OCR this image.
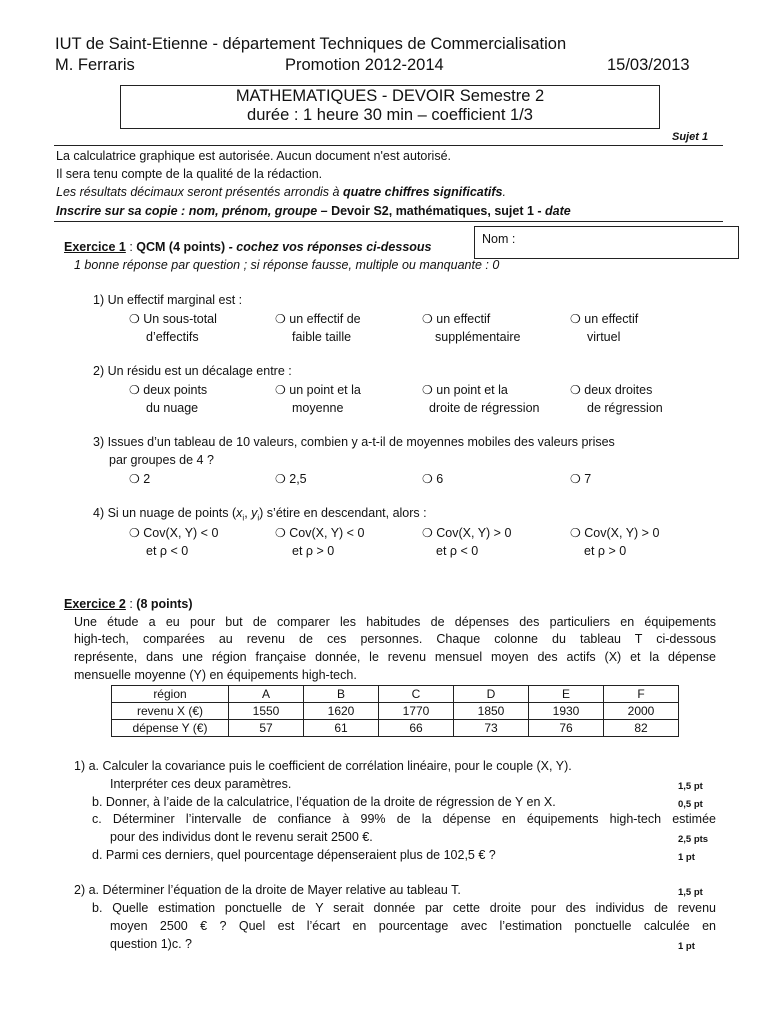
IUT de Saint-Etienne - département Techniques de Commercialisation
M. Ferraris	Promotion 2012-2014	15/03/2013
MATHEMATIQUES - DEVOIR Semestre 2
durée : 1 heure 30 min – coefficient 1/3
Sujet 1
La calculatrice graphique est autorisée. Aucun document n'est autorisé.
Il sera tenu compte de la qualité de la rédaction.
Les résultats décimaux seront présentés arrondis à quatre chiffres significatifs.
Inscrire sur sa copie : nom, prénom, groupe – Devoir S2, mathématiques, sujet 1 - date
Nom :
Exercice 1 : QCM (4 points) - cochez vos réponses ci-dessous
1 bonne réponse par question ; si réponse fausse, multiple ou manquante : 0
1) Un effectif marginal est :
❍ Un sous-total
d’effectifs
❍ un effectif de
faible taille
❍ un effectif
supplémentaire
❍ un effectif
virtuel
2) Un résidu est un décalage entre :
❍ deux points
du nuage
❍ un point et la
moyenne
❍ un point et la
droite de régression
❍ deux droites
de régression
3) Issues d’un tableau de 10 valeurs, combien y a-t-il de moyennes mobiles des valeurs prises
par groupes de 4 ?
❍ 2	❍ 2,5	❍ 6	❍ 7
4) Si un nuage de points ($x_i$, $y_i$) s’étire en descendant, alors :
❍ Cov(X, Y) < 0
et ρ < 0
❍ Cov(X, Y) < 0
et ρ > 0
❍ Cov(X, Y) > 0
et ρ < 0
❍ Cov(X, Y) > 0
et ρ > 0
Exercice 2 : (8 points)
Une étude a eu pour but de comparer les habitudes de dépenses des particuliers en équipements
high-tech, comparées au revenu de ces personnes. Chaque colonne du tableau T ci-dessous
représente, dans une région française donnée, le revenu mensuel moyen des actifs (X) et la dépense
mensuelle moyenne (Y) en équipements high-tech.
région	A	B	C	D	E	F
revenu X (€)	1550	1620	1770	1850	1930	2000
dépense Y (€)	57	61	66	73	76	82
1) a. Calculer la covariance puis le coefficient de corrélation linéaire, pour le couple (X, Y).
Interpréter ces deux paramètres.	1,5 pt
b. Donner, à l’aide de la calculatrice, l’équation de la droite de régression de Y en X.	0,5 pt
c. Déterminer l’intervalle de confiance à 99% de la dépense en équipements high-tech estimée
pour des individus dont le revenu serait 2500 €.	2,5 pts
d. Parmi ces derniers, quel pourcentage dépenseraient plus de 102,5 € ?	1 pt
2) a. Déterminer l’équation de la droite de Mayer relative au tableau T.	1,5 pt
b. Quelle estimation ponctuelle de Y serait donnée par cette droite pour des individus de revenu
moyen 2500 € ? Quel est l’écart en pourcentage avec l’estimation ponctuelle calculée en
question 1)c. ?	1 pt
